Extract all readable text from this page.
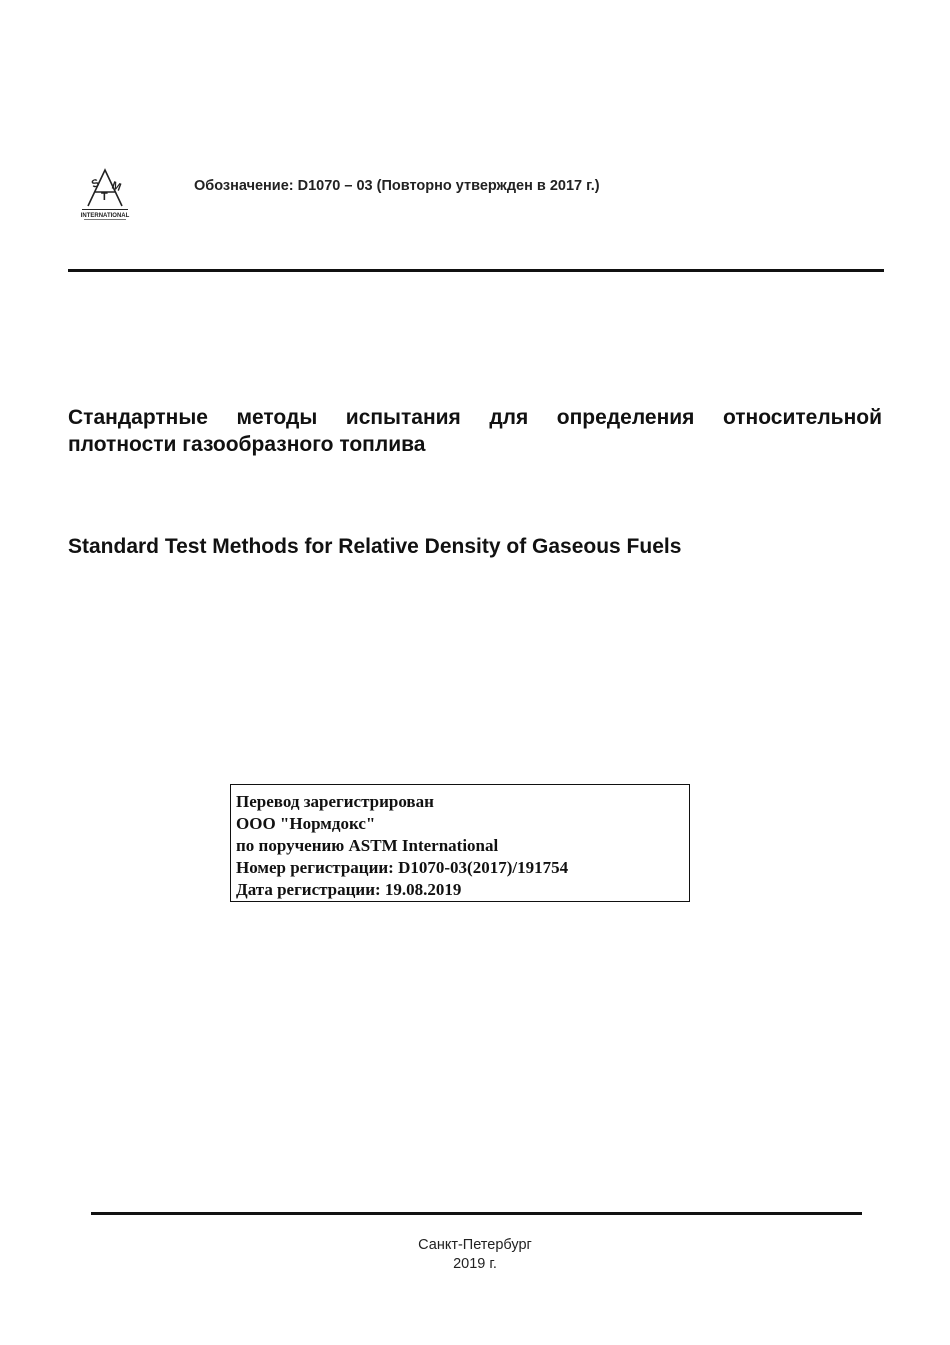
S
T
M
INTERNATIONAL
Обозначение: D1070 – 03 (Повторно утвержден в 2017 г.)
Стандартные методы испытания для определения относительной плотности газообразного топлива
Standard Test Methods for Relative Density of Gaseous Fuels
Перевод зарегистрирован
ООО "Нормдокс"
по поручению ASTM International
Номер регистрации: D1070-03(2017)/191754
Дата регистрации: 19.08.2019
Санкт-Петербург
2019 г.
